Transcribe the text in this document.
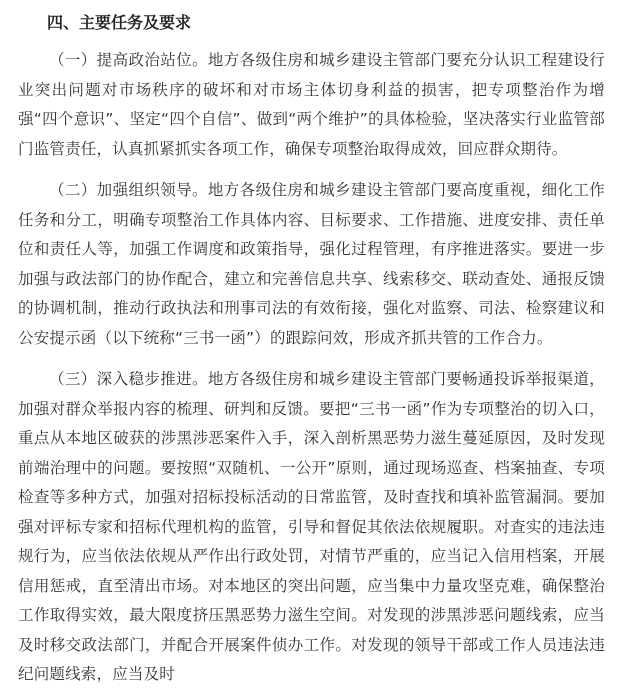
四、主要任务及要求

（一）提高政治站位。地方各级住房和城乡建设主管部门要充分认识工程建设行业突出问题对市场秩序的破坏和对市场主体切身利益的损害，把专项整治作为增强“四个意识”、坚定“四个自信”、做到“两个维护”的具体检验，坚决落实行业监管部门监管责任，认真抓紧抓实各项工作，确保专项整治取得成效，回应群众期待。

（二）加强组织领导。地方各级住房和城乡建设主管部门要高度重视，细化工作任务和分工，明确专项整治工作具体内容、目标要求、工作措施、进度安排、责任单位和责任人等，加强工作调度和政策指导，强化过程管理，有序推进落实。要进一步加强与政法部门的协作配合，建立和完善信息共享、线索移交、联动查处、通报反馈的协调机制，推动行政执法和刑事司法的有效衔接，强化对监察、司法、检察建议和公安提示函（以下统称“三书一函”）的跟踪问效，形成齐抓共管的工作合力。

（三）深入稳步推进。地方各级住房和城乡建设主管部门要畅通投诉举报渠道，加强对群众举报内容的梳理、研判和反馈。要把“三书一函”作为专项整治的切入口，重点从本地区破获的涉黑涉恶案件入手，深入剖析黑恶势力滋生蔓延原因，及时发现前端治理中的问题。要按照“双随机、一公开”原则，通过现场巡查、档案抽查、专项检查等多种方式，加强对招标投标活动的日常监管，及时查找和填补监管漏洞。要加强对评标专家和招标代理机构的监管，引导和督促其依法依规履职。对查实的违法违规行为，应当依法依规从严作出行政处罚，对情节严重的，应当记入信用档案，开展信用惩戒，直至清出市场。对本地区的突出问题，应当集中力量攻坚克难，确保整治工作取得实效，最大限度挤压黑恶势力滋生空间。对发现的涉黑涉恶问题线索，应当及时移交政法部门，并配合开展案件侦办工作。对发现的领导干部或工作人员违法违纪问题线索，应当及时
